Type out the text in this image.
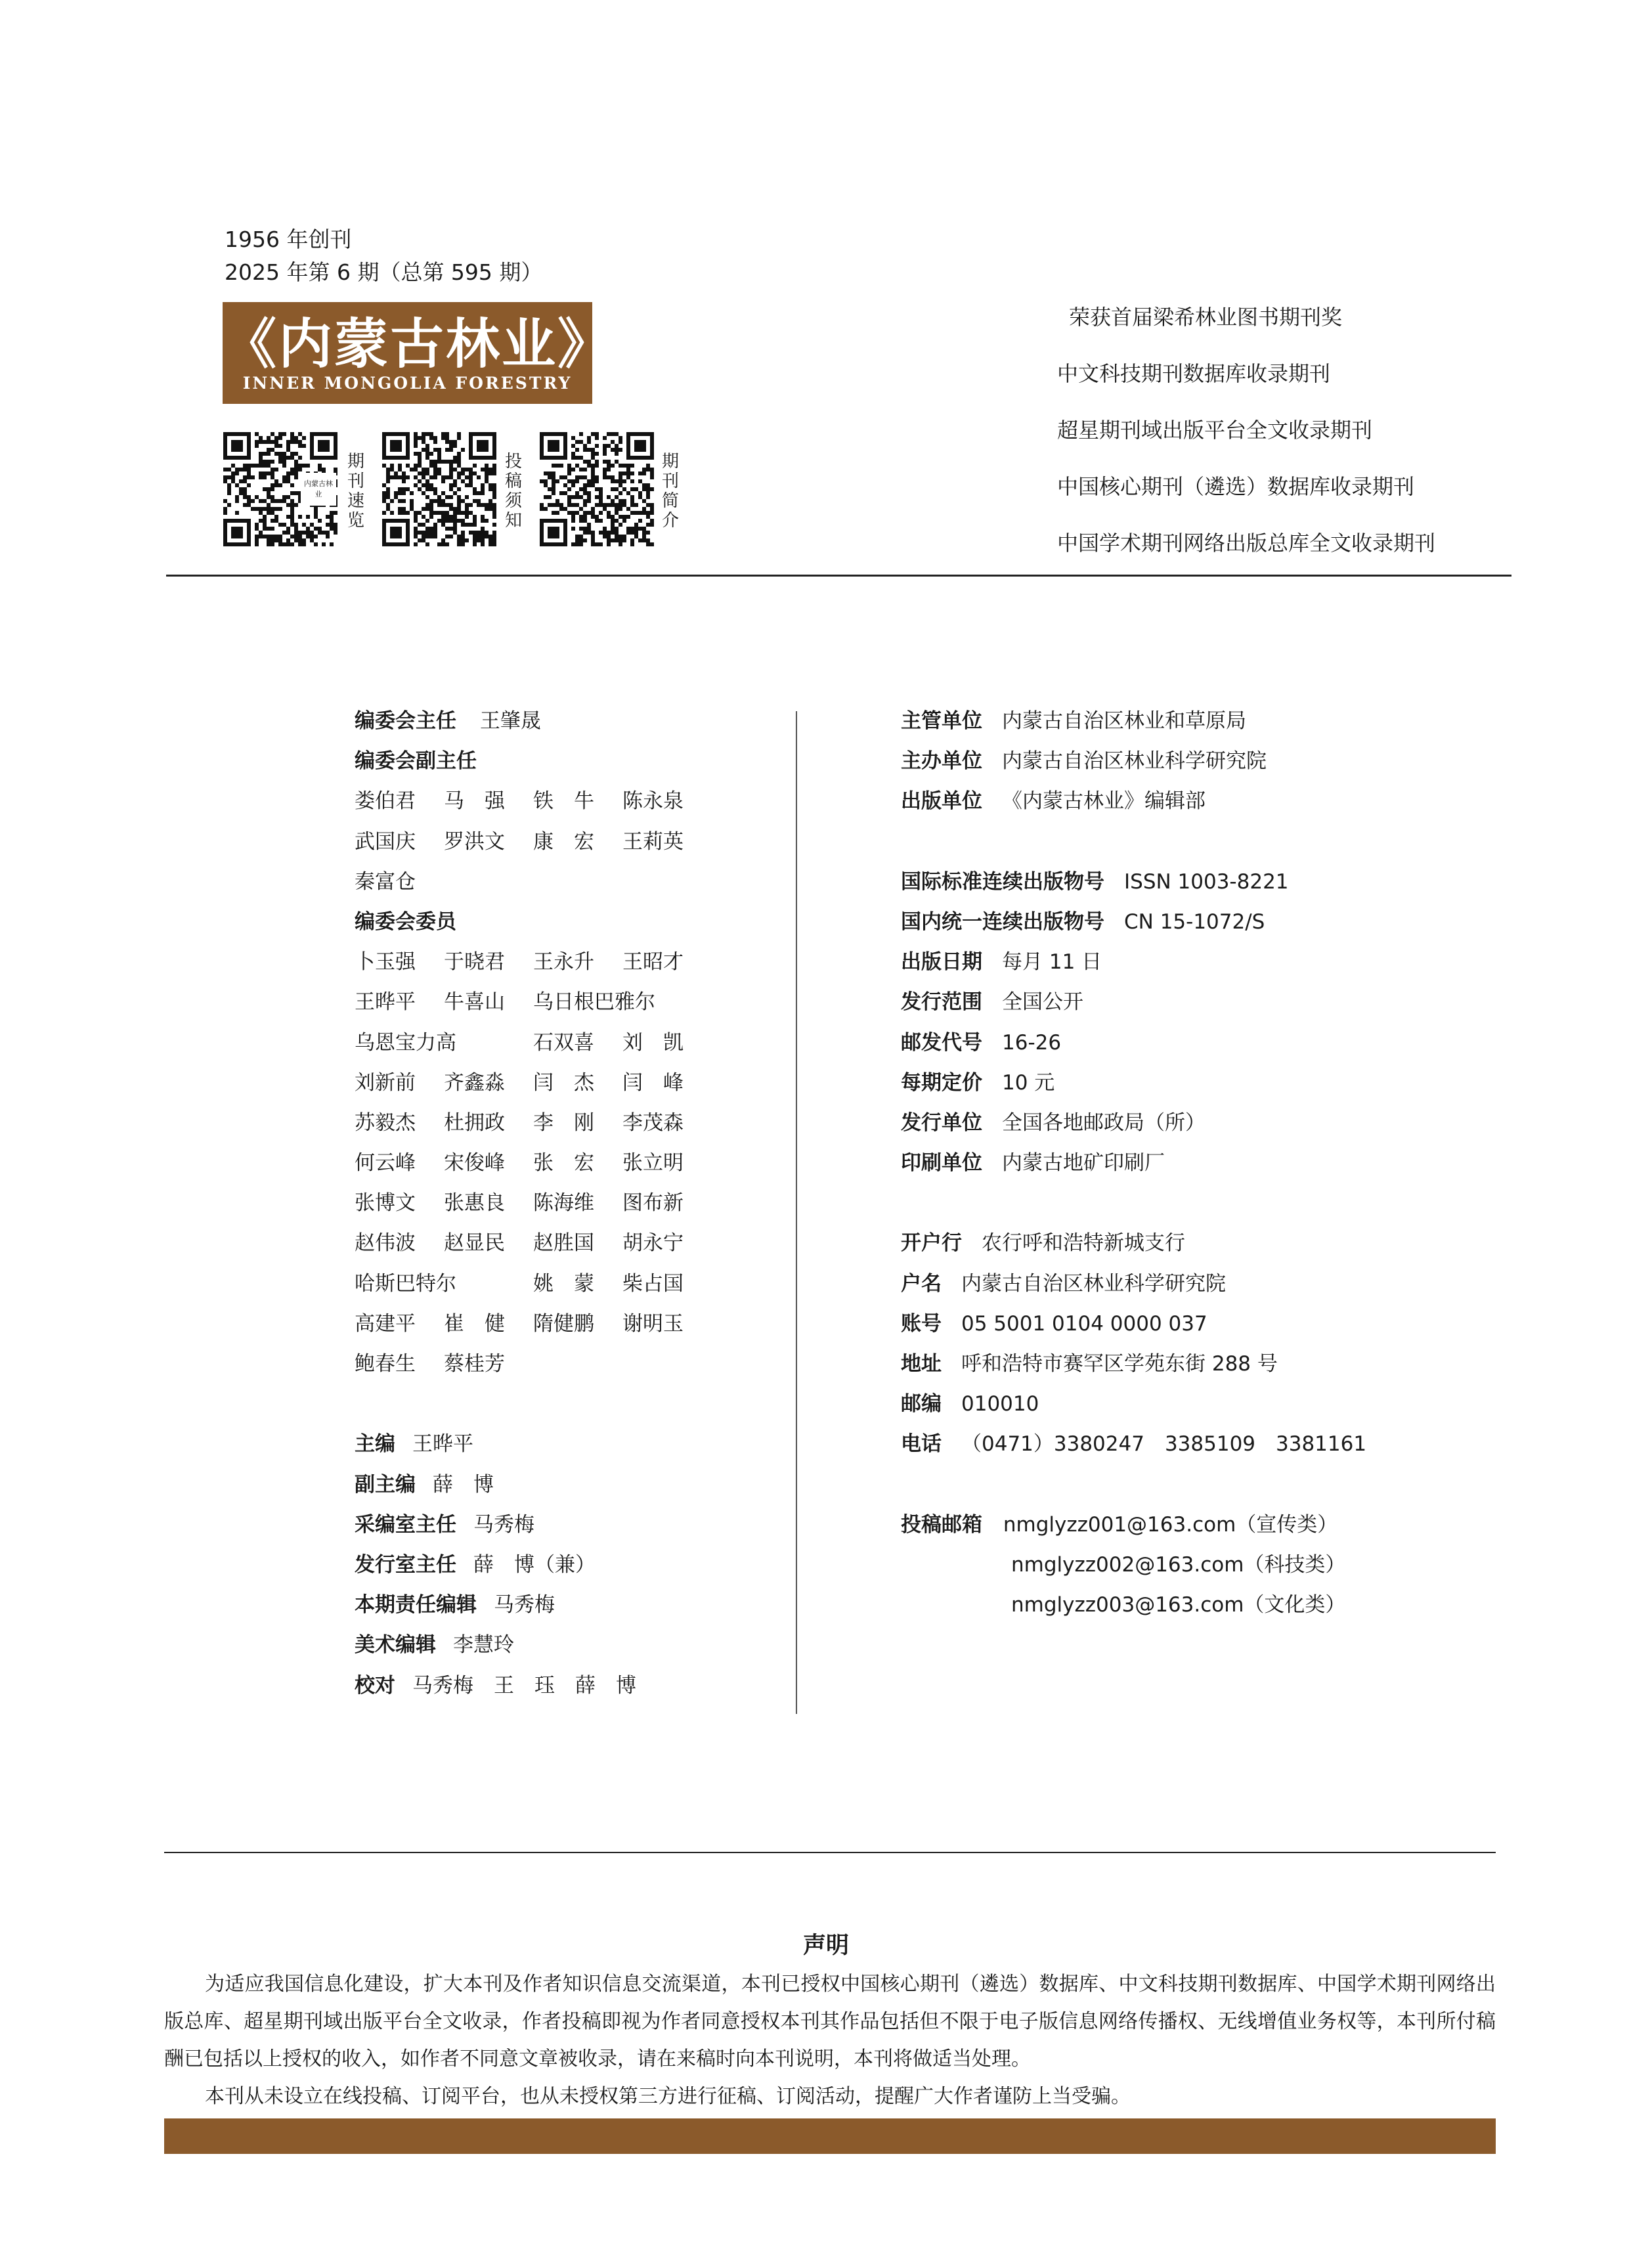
1956 年创刊
2025 年第 6 期（总第 595 期）
《内蒙古林业》
INNER MONGOLIA FORESTRY
内蒙古林业
期
刊
速
览
投
稿
须
知
期
刊
简
介
荣获首届梁希林业图书期刊奖
中文科技期刊数据库收录期刊
超星期刊域出版平台全文收录期刊
中国核心期刊（遴选）数据库收录期刊
中国学术期刊网络出版总库全文收录期刊
编委会主任 王肇晟
编委会副主任
娄伯君 马　强 铁　牛 陈永泉
武国庆 罗洪文 康　宏 王莉英
秦富仓
编委会委员
卜玉强 于晓君 王永升 王昭才
王晔平 牛喜山 乌日根巴雅尔
乌恩宝力高	石双喜 刘　凯
刘新前 齐鑫淼 闫　杰 闫　峰
苏毅杰 杜拥政 李　刚 李茂森
何云峰 宋俊峰 张　宏 张立明
张博文 张惠良 陈海维 图布新
赵伟波 赵显民 赵胜国 胡永宁
哈斯巴特尔	姚　蒙 柴占国
高建平 崔　健 隋健鹏 谢明玉
鲍春生 蔡桂芳
主编 王晔平
副主编 薛　博
采编室主任 马秀梅
发行室主任 薛　博（兼）
本期责任编辑 马秀梅
美术编辑 李慧玲
校对 马秀梅　王　珏　薛　博
主管单位 内蒙古自治区林业和草原局
主办单位 内蒙古自治区林业科学研究院
出版单位 《内蒙古林业》编辑部
国际标准连续出版物号 ISSN 1003-8221
国内统一连续出版物号 CN 15-1072/S
出版日期 每月 11 日
发行范围 全国公开
邮发代号 16-26
每期定价 10 元
发行单位 全国各地邮政局（所）
印刷单位 内蒙古地矿印刷厂
开户行 农行呼和浩特新城支行
户名 内蒙古自治区林业科学研究院
账号 05 5001 0104 0000 037
地址 呼和浩特市赛罕区学苑东街 288 号
邮编 010010
电话 （0471）3380247　3385109　3381161
投稿邮箱 nmglyzz001@163.com（宣传类）
nmglyzz002@163.com（科技类）
nmglyzz003@163.com（文化类）
声明

为适应我国信息化建设，扩大本刊及作者知识信息交流渠道，本刊已授权中国核心期刊（遴选）数据库、中文科技期刊数据库、中国学术期刊网络出版总库、超星期刊域出版平台全文收录，作者投稿即视为作者同意授权本刊其作品包括但不限于电子版信息网络传播权、无线增值业务权等，本刊所付稿酬已包括以上授权的收入，如作者不同意文章被收录，请在来稿时向本刊说明，本刊将做适当处理。

本刊从未设立在线投稿、订阅平台，也从未授权第三方进行征稿、订阅活动，提醒广大作者谨防上当受骗。
